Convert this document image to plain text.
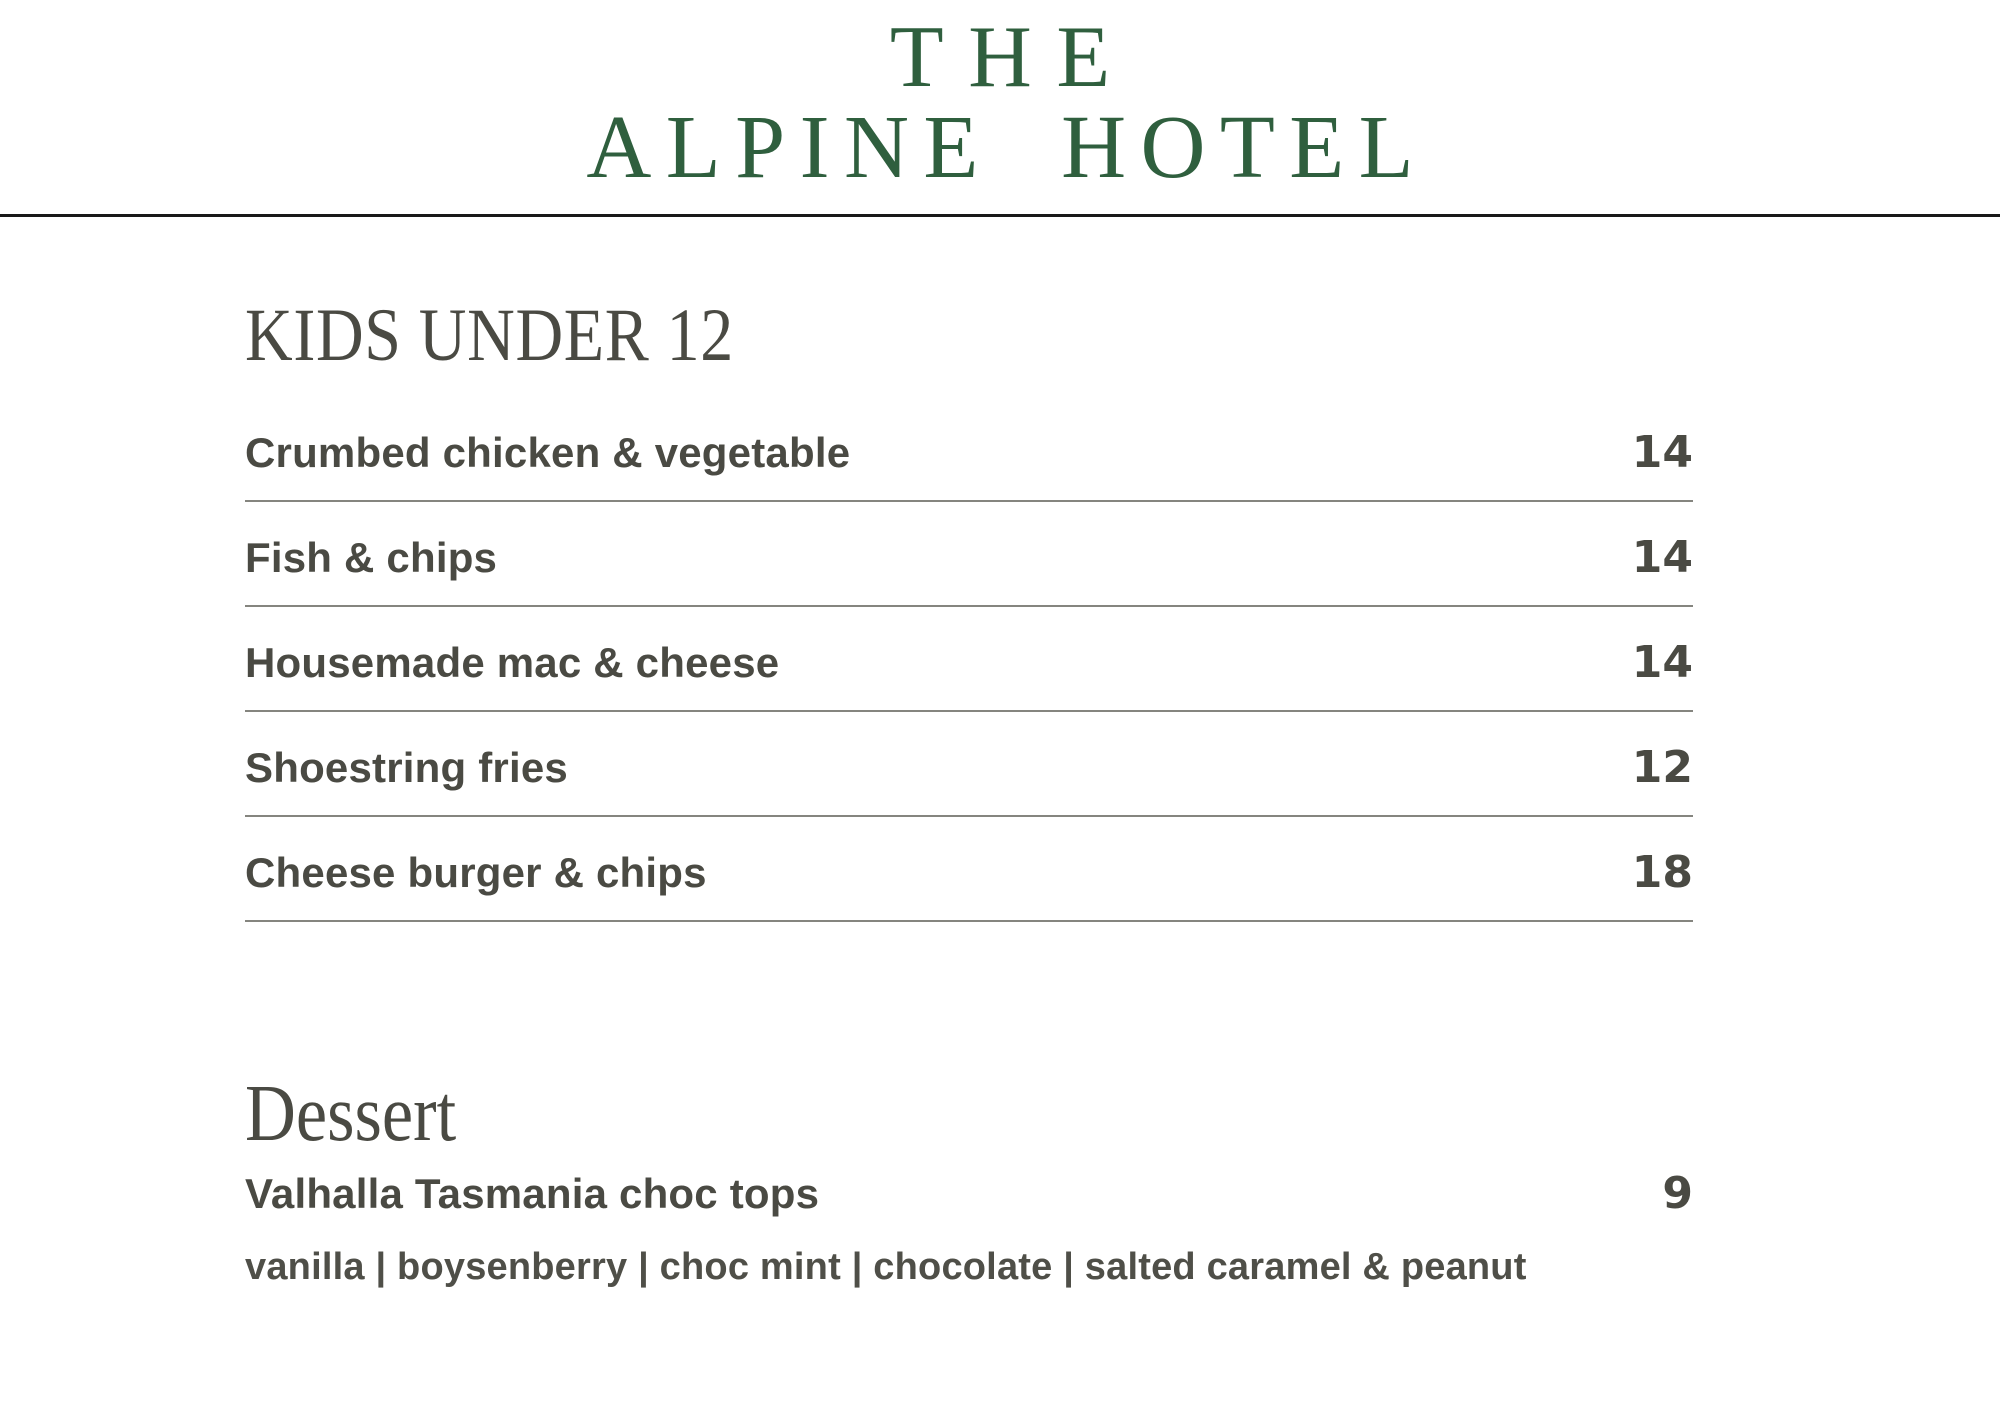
THE
ALPINE HOTEL
KIDS UNDER 12
Crumbed chicken & vegetable	14
Fish & chips	14
Housemade mac & cheese	14
Shoestring fries	12
Cheese burger & chips	18
Dessert
Valhalla Tasmania choc tops	9

vanilla | boysenberry | choc mint | chocolate | salted caramel & peanut
